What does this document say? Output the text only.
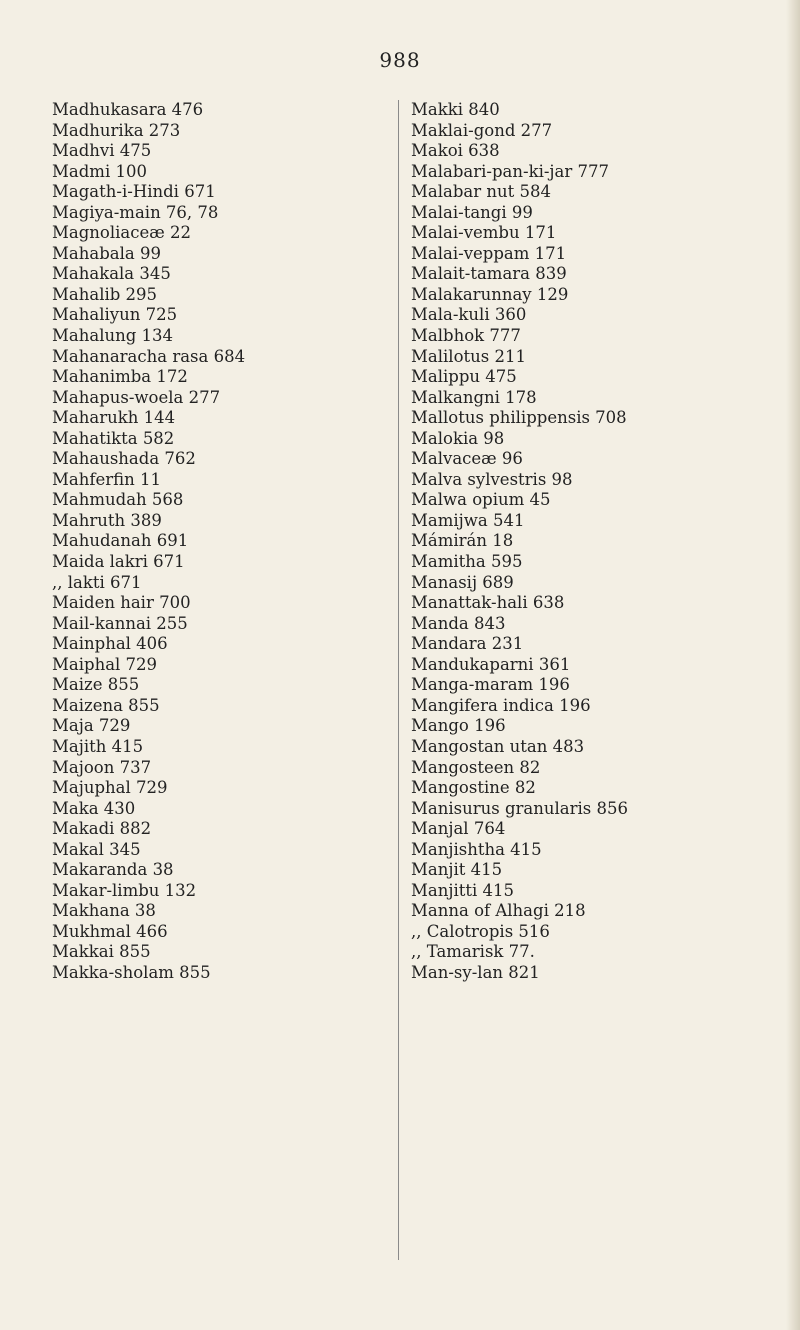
988
Madhukasara 476
Madhurika 273
Madhvi 475
Madmi 100
Magath-i-Hindi 671
Magiya-main 76, 78
Magnoliaceæ 22
Mahabala 99
Mahakala 345
Mahalib 295
Mahaliyun 725
Mahalung 134
Mahanaracha rasa 684
Mahanimba 172
Mahapus-woela 277
Maharukh 144
Mahatikta 582
Mahaushada 762
Mahferfin 11
Mahmudah 568
Mahruth 389
Mahudanah 691
Maida lakri 671
,, lakti 671
Maiden hair 700
Mail-kannai 255
Mainphal 406
Maiphal 729
Maize 855
Maizena 855
Maja 729
Majith 415
Majoon 737
Majuphal 729
Maka 430
Makadi 882
Makal 345
Makaranda 38
Makar-limbu 132
Makhana 38
Mukhmal 466
Makkai 855
Makka-sholam 855
Makki 840
Maklai-gond 277
Makoi 638
Malabari-pan-ki-jar 777
Malabar nut 584
Malai-tangi 99
Malai-vembu 171
Malai-veppam 171
Malait-tamara 839
Malakarunnay 129
Mala-kuli 360
Malbhok 777
Malilotus 211
Malippu 475
Malkangni 178
Mallotus philippensis 708
Malokia 98
Malvaceæ 96
Malva sylvestris 98
Malwa opium 45
Mamijwa 541
Mámirán 18
Mamitha 595
Manasij 689
Manattak-hali 638
Manda 843
Mandara 231
Mandukaparni 361
Manga-maram 196
Mangifera indica 196
Mango 196
Mangostan utan 483
Mangosteen 82
Mangostine 82
Manisurus granularis 856
Manjal 764
Manjishtha 415
Manjit 415
Manjitti 415
Manna of Alhagi 218
,, Calotropis 516
,, Tamarisk 77.
Man-sy-lan 821
